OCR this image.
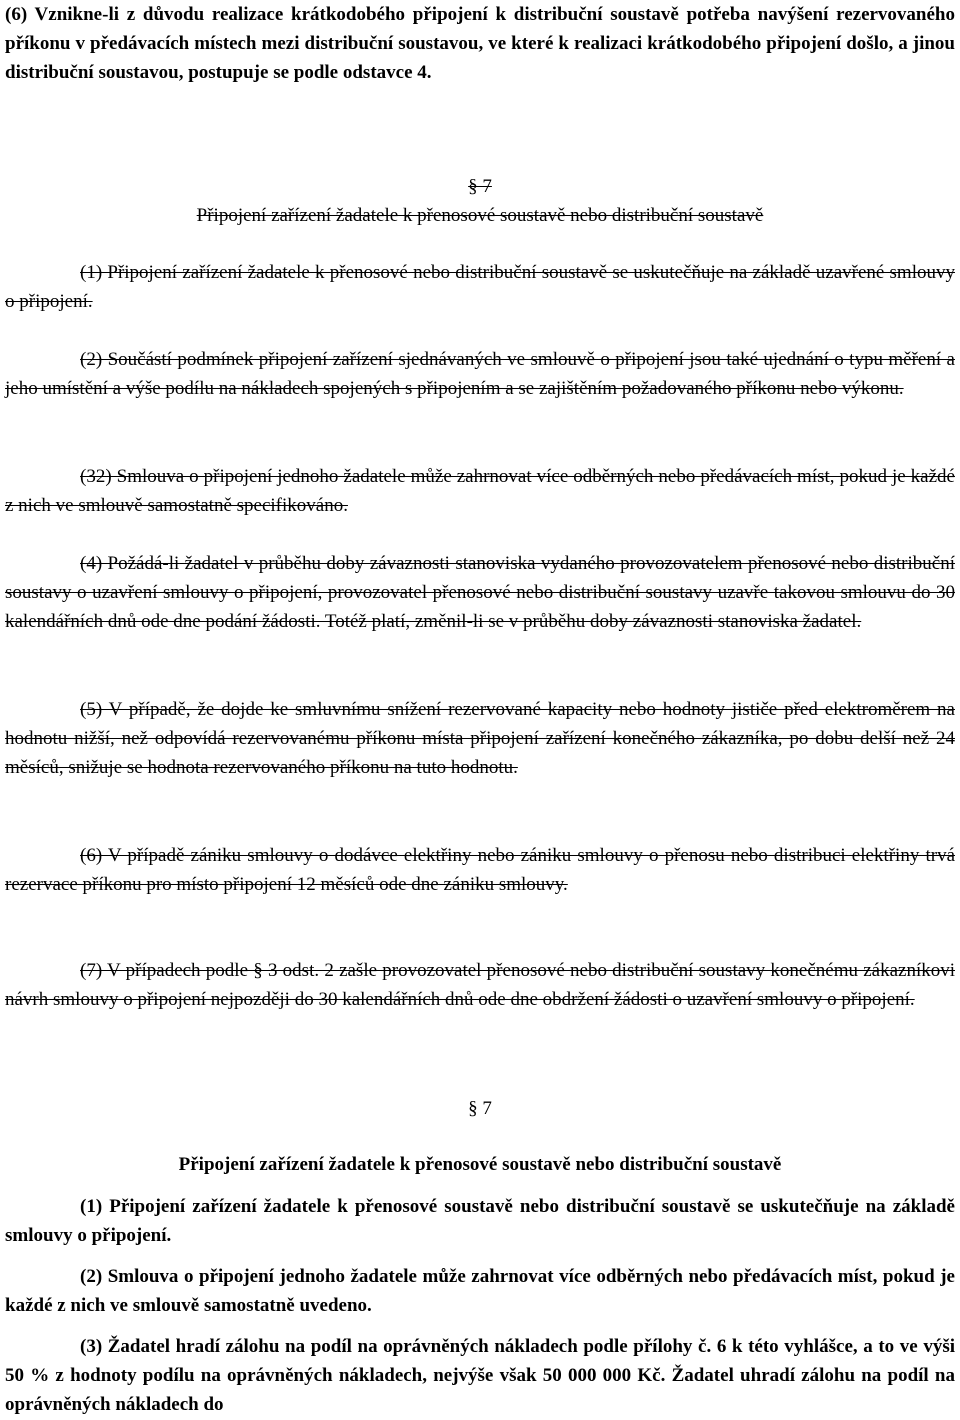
(6) Vznikne-li z důvodu realizace krátkodobého připojení k distribuční soustavě potřeba navýšení rezervovaného příkonu v předávacích místech mezi distribuční soustavou, ve které k realizaci krátkodobého připojení došlo, a jinou distribuční soustavou, postupuje se podle odstavce 4.

§ 7
Připojení zařízení žadatele k přenosové soustavě nebo distribuční soustavě

(1) Připojení zařízení žadatele k přenosové nebo distribuční soustavě se uskutečňuje na základě uzavřené smlouvy o připojení.

(2) Součástí podmínek připojení zařízení sjednávaných ve smlouvě o připojení jsou také ujednání o typu měření a jeho umístění a výše podílu na nákladech spojených s připojením a se zajištěním požadovaného příkonu nebo výkonu.

(32) Smlouva o připojení jednoho žadatele může zahrnovat více odběrných nebo předávacích míst, pokud je každé z nich ve smlouvě samostatně specifikováno.

(4) Požádá-li žadatel v průběhu doby závaznosti stanoviska vydaného provozovatelem přenosové nebo distribuční soustavy o uzavření smlouvy o připojení, provozovatel přenosové nebo distribuční soustavy uzavře takovou smlouvu do 30 kalendářních dnů ode dne podání žádosti. Totéž platí, změnil-li se v průběhu doby závaznosti stanoviska žadatel.

(5) V případě, že dojde ke smluvnímu snížení rezervované kapacity nebo hodnoty jističe před elektroměrem na hodnotu nižší, než odpovídá rezervovanému příkonu místa připojení zařízení konečného zákazníka, po dobu delší než 24 měsíců, snižuje se hodnota rezervovaného příkonu na tuto hodnotu.

(6) V případě zániku smlouvy o dodávce elektřiny nebo zániku smlouvy o přenosu nebo distribuci elektřiny trvá rezervace příkonu pro místo připojení 12 měsíců ode dne zániku smlouvy.

(7) V případech podle § 3 odst. 2 zašle provozovatel přenosové nebo distribuční soustavy konečnému zákazníkovi návrh smlouvy o připojení nejpozději do 30 kalendářních dnů ode dne obdržení žádosti o uzavření smlouvy o připojení.

§ 7
Připojení zařízení žadatele k přenosové soustavě nebo distribuční soustavě

(1) Připojení zařízení žadatele k přenosové soustavě nebo distribuční soustavě se uskutečňuje na základě smlouvy o připojení.

(2) Smlouva o připojení jednoho žadatele může zahrnovat více odběrných nebo předávacích míst, pokud je každé z nich ve smlouvě samostatně uvedeno.

(3) Žadatel hradí zálohu na podíl na oprávněných nákladech podle přílohy č. 6 k této vyhlášce, a to ve výši 50 % z hodnoty podílu na oprávněných nákladech, nejvýše však 50 000 000 Kč. Žadatel uhradí zálohu na podíl na oprávněných nákladech do
